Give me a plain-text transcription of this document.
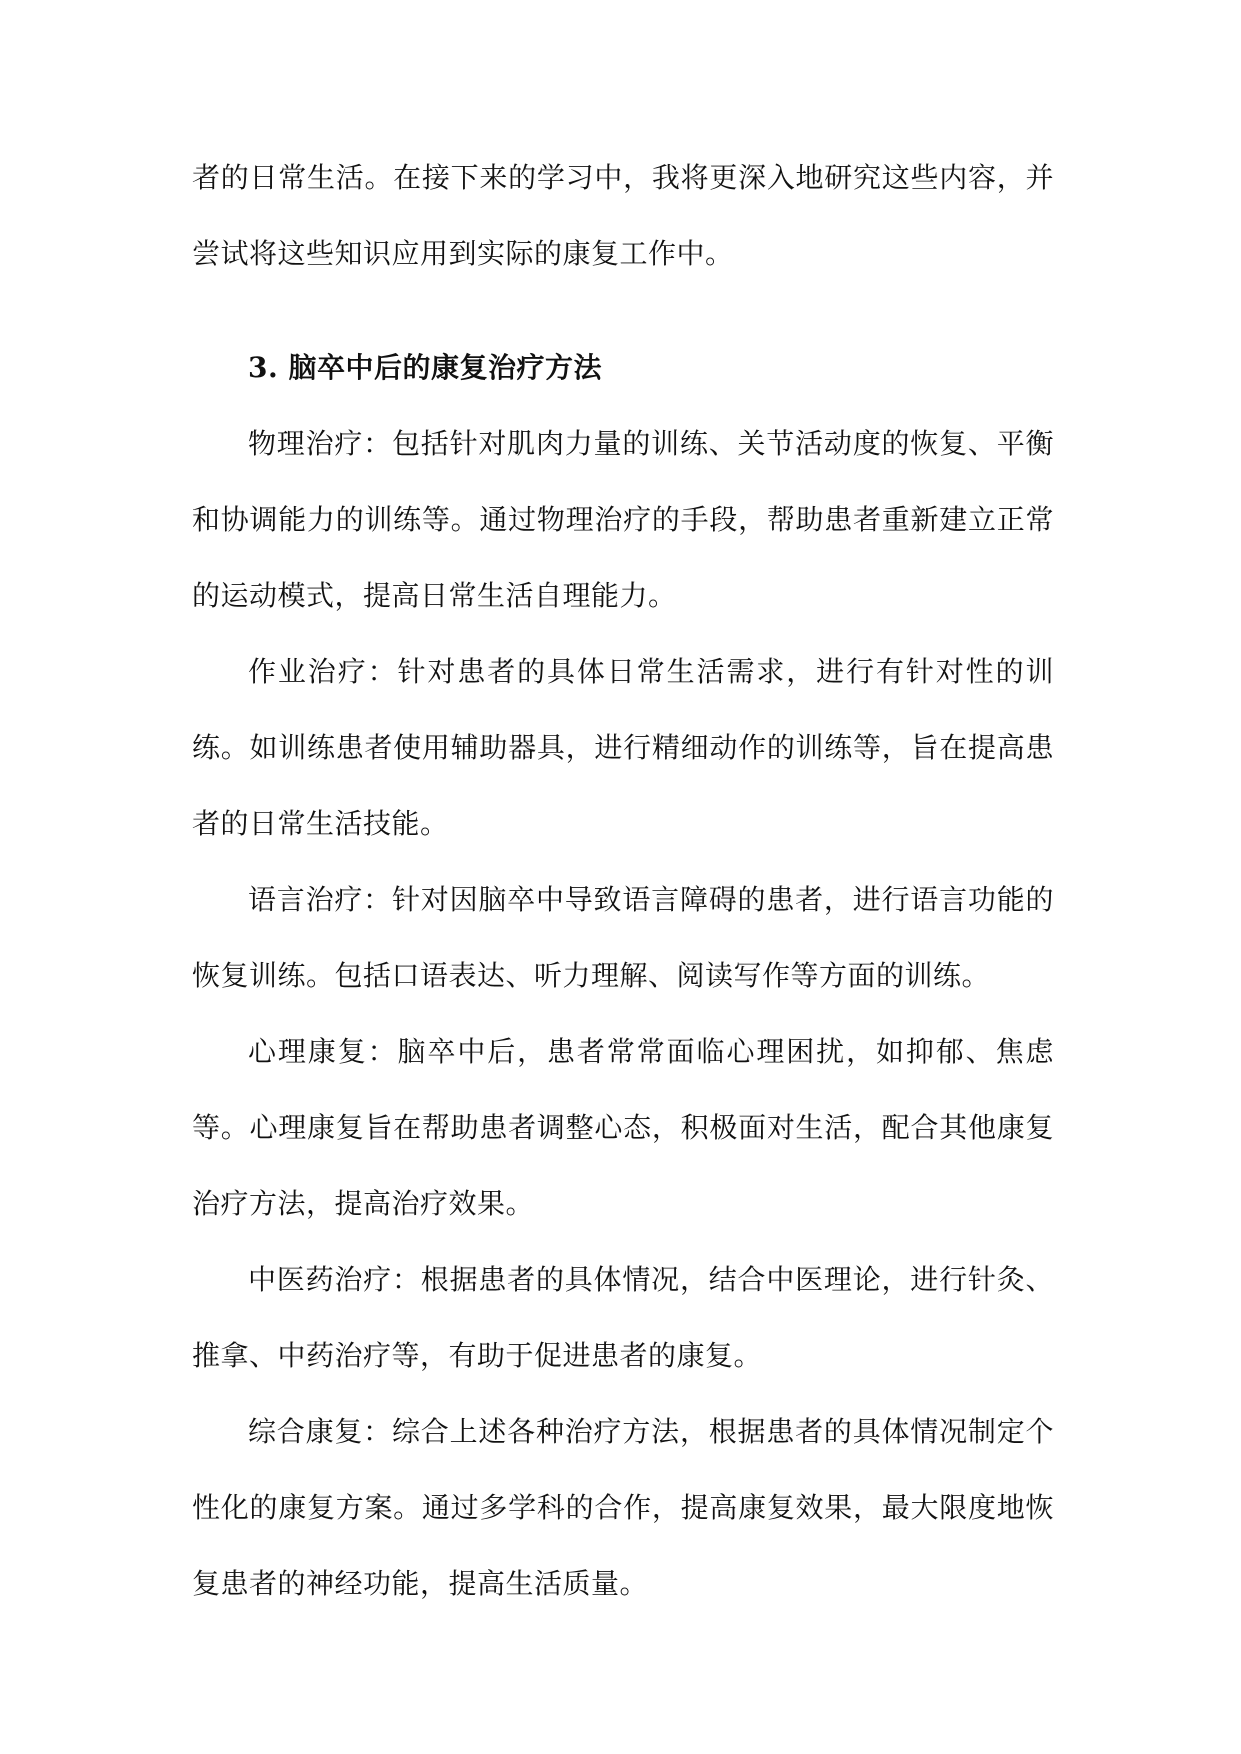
者的日常生活。在接下来的学习中，我将更深入地研究这些内容，并尝试将这些知识应用到实际的康复工作中。

3. 脑卒中后的康复治疗方法

物理治疗：包括针对肌肉力量的训练、关节活动度的恢复、平衡和协调能力的训练等。通过物理治疗的手段，帮助患者重新建立正常的运动模式，提高日常生活自理能力。

作业治疗：针对患者的具体日常生活需求，进行有针对性的训练。如训练患者使用辅助器具，进行精细动作的训练等，旨在提高患者的日常生活技能。

语言治疗：针对因脑卒中导致语言障碍的患者，进行语言功能的恢复训练。包括口语表达、听力理解、阅读写作等方面的训练。

心理康复：脑卒中后，患者常常面临心理困扰，如抑郁、焦虑等。心理康复旨在帮助患者调整心态，积极面对生活，配合其他康复治疗方法，提高治疗效果。

中医药治疗：根据患者的具体情况，结合中医理论，进行针灸、推拿、中药治疗等，有助于促进患者的康复。

综合康复：综合上述各种治疗方法，根据患者的具体情况制定个性化的康复方案。通过多学科的合作，提高康复效果，最大限度地恢复患者的神经功能，提高生活质量。
